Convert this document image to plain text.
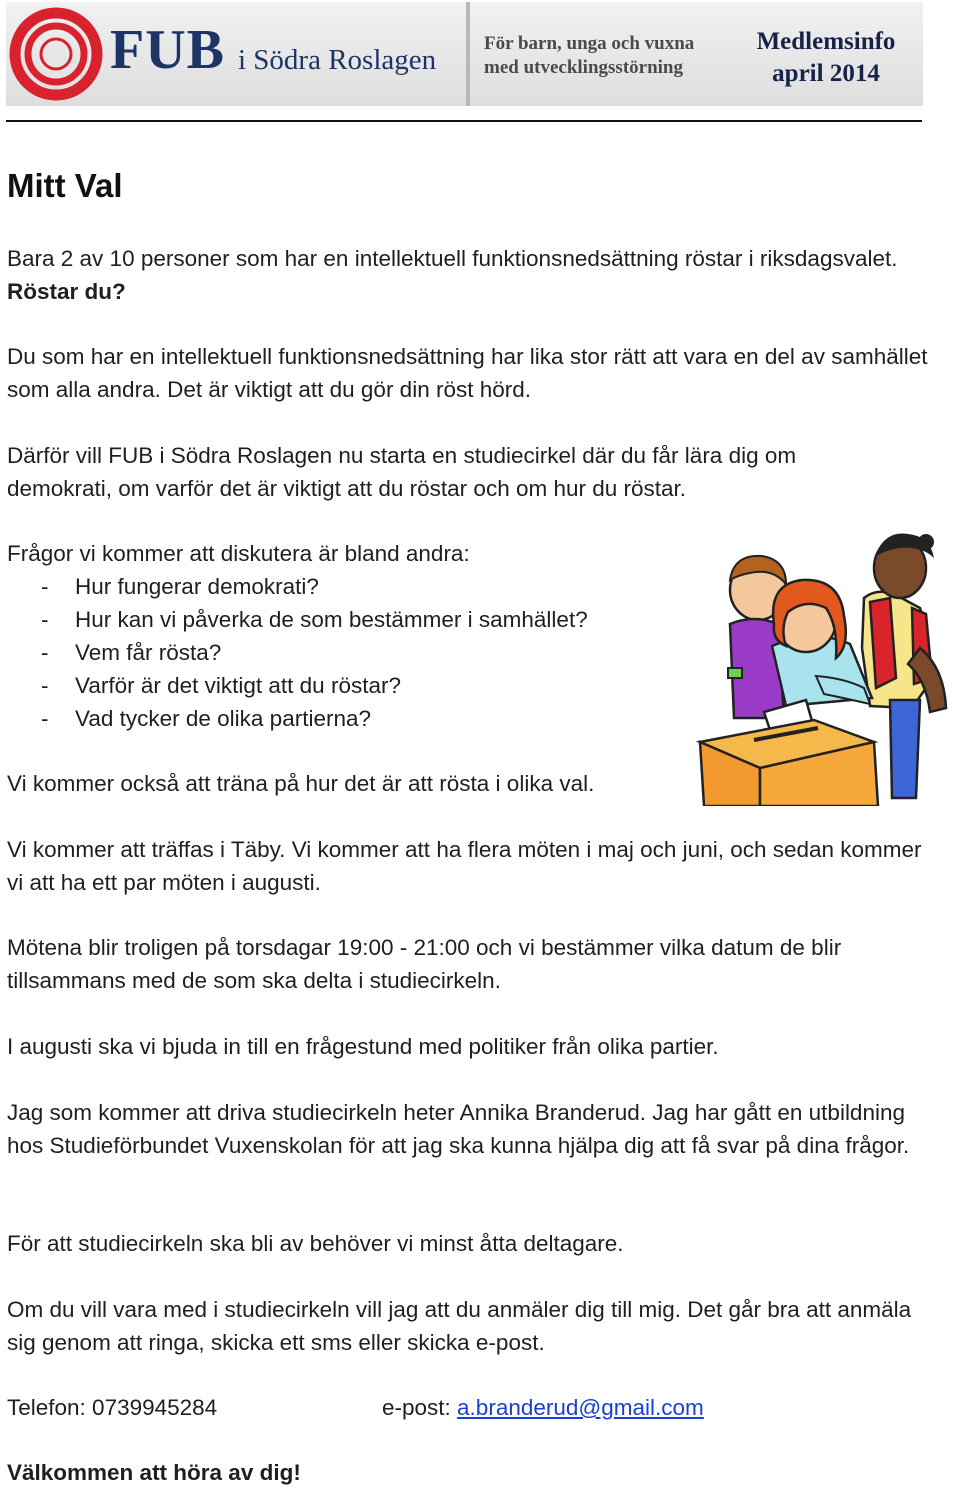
FUB i Södra Roslagen
För barn, unga och vuxna
med utvecklingsstörning
Medlemsinfo
april 2014
Mitt Val

Bara 2 av 10 personer som har en intellektuell funktionsnedsättning röstar i riksdagsvalet. Röstar du?

Du som har en intellektuell funktionsnedsättning har lika stor rätt att vara en del av samhället som alla andra. Det är viktigt att du gör din röst hörd.

Därför vill FUB i Södra Roslagen nu starta en studiecirkel där du får lära dig om demokrati, om varför det är viktigt att du röstar och om hur du röstar.

Frågor vi kommer att diskutera är bland andra:

- Hur fungerar demokrati?
- Hur kan vi påverka de som bestämmer i samhället?
- Vem får rösta?
- Varför är det viktigt att du röstar?
- Vad tycker de olika partierna?

Vi kommer också att träna på hur det är att rösta i olika val.

Vi kommer att träffas i Täby. Vi kommer att ha flera möten i maj och juni, och sedan kommer vi att ha ett par möten i augusti.

Mötena blir troligen på torsdagar 19:00 - 21:00 och vi bestämmer vilka datum de blir tillsammans med de som ska delta i studiecirkeln.

I augusti ska vi bjuda in till en frågestund med politiker från olika partier.

Jag som kommer att driva studiecirkeln heter Annika Branderud. Jag har gått en utbildning hos Studieförbundet Vuxenskolan för att jag ska kunna hjälpa dig att få svar på dina frågor.

För att studiecirkeln ska bli av behöver vi minst åtta deltagare.

Om du vill vara med i studiecirkeln vill jag att du anmäler dig till mig. Det går bra att anmäla sig genom att ringa, skicka ett sms eller skicka e-post.

Telefon: 0739945284	e-post: a.branderud@gmail.com
Välkommen att höra av dig!
